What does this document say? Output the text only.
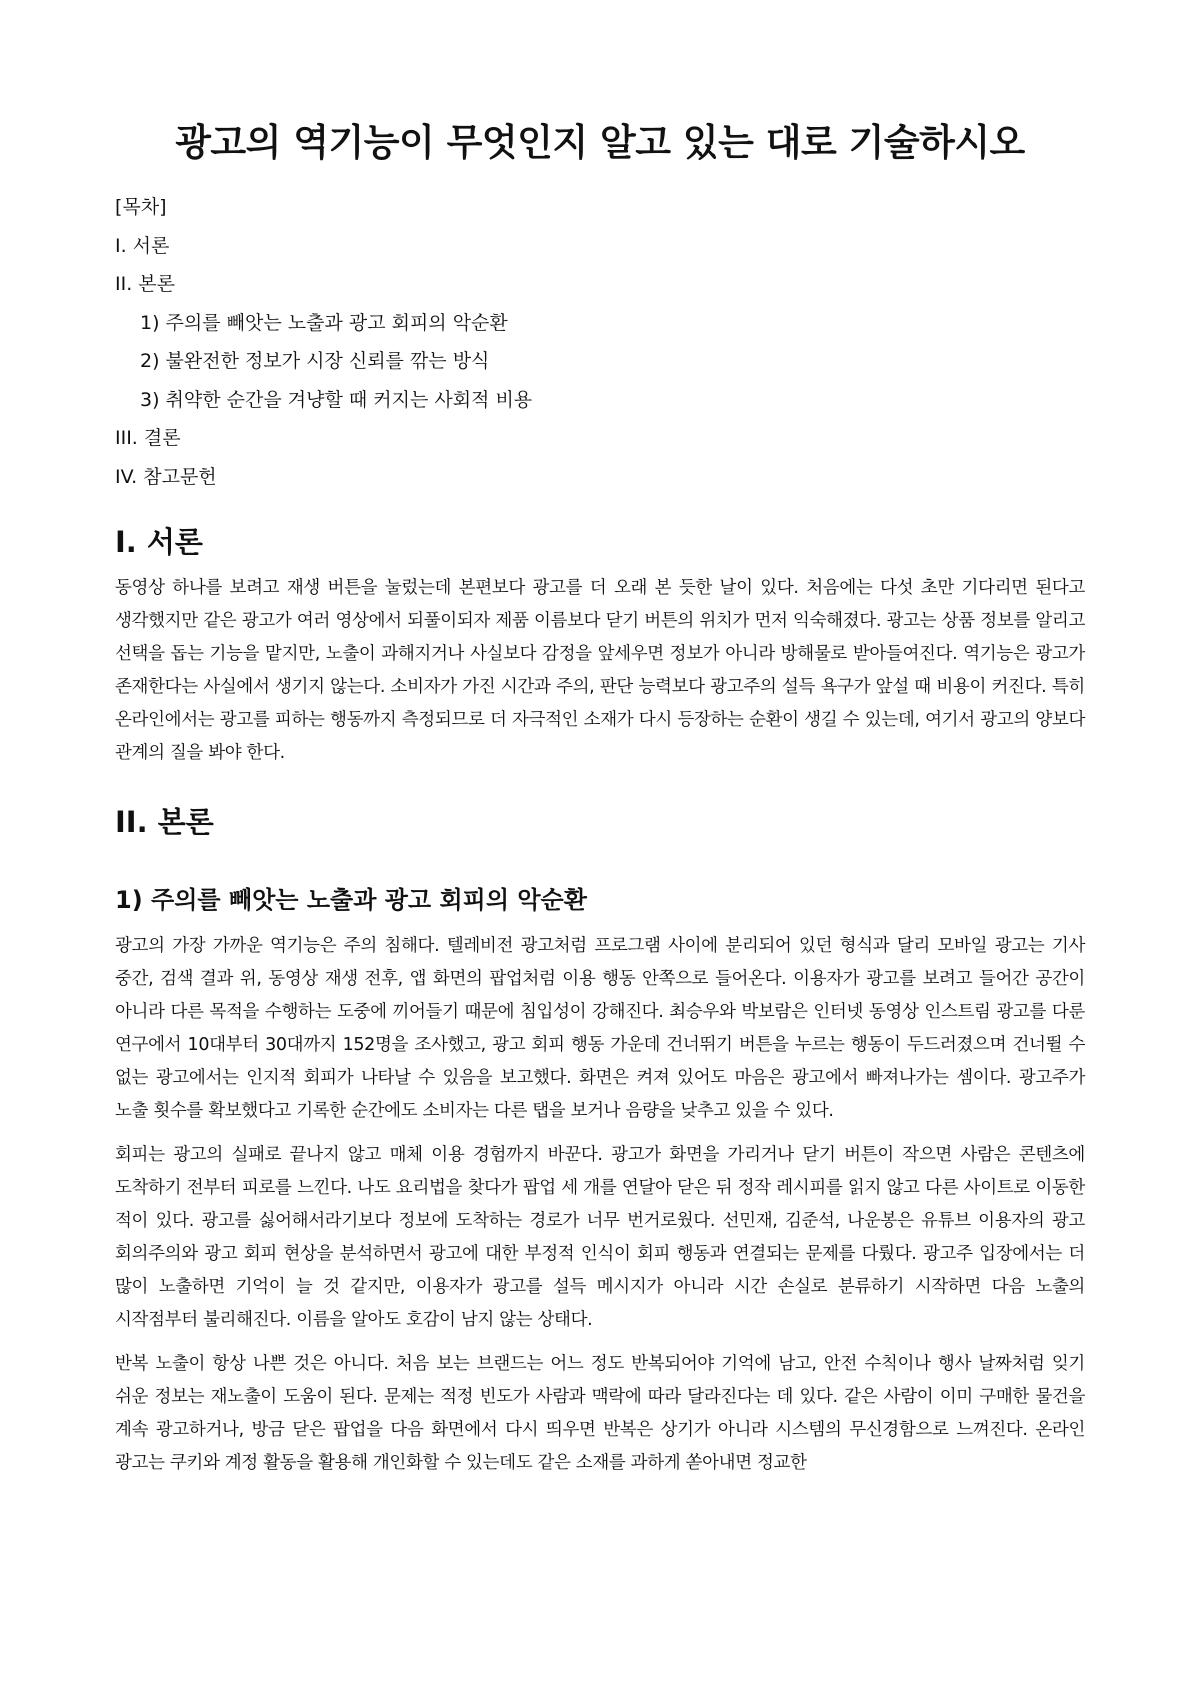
광고의 역기능이 무엇인지 알고 있는 대로 기술하시오
[목차]
I. 서론
II. 본론
1) 주의를 빼앗는 노출과 광고 회피의 악순환
2) 불완전한 정보가 시장 신뢰를 깎는 방식
3) 취약한 순간을 겨냥할 때 커지는 사회적 비용
III. 결론
IV. 참고문헌
I. 서론

동영상 하나를 보려고 재생 버튼을 눌렀는데 본편보다 광고를 더 오래 본 듯한 날이 있다. 처음에는 다섯 초만 기다리면 된다고 생각했지만 같은 광고가 여러 영상에서 되풀이되자 제품 이름보다 닫기 버튼의 위치가 먼저 익숙해졌다. 광고는 상품 정보를 알리고 선택을 돕는 기능을 맡지만, 노출이 과해지거나 사실보다 감정을 앞세우면 정보가 아니라 방해물로 받아들여진다. 역기능은 광고가 존재한다는 사실에서 생기지 않는다. 소비자가 가진 시간과 주의, 판단 능력보다 광고주의 설득 욕구가 앞설 때 비용이 커진다. 특히 온라인에서는 광고를 피하는 행동까지 측정되므로 더 자극적인 소재가 다시 등장하는 순환이 생길 수 있는데, 여기서 광고의 양보다 관계의 질을 봐야 한다.

II. 본론
1) 주의를 빼앗는 노출과 광고 회피의 악순환

광고의 가장 가까운 역기능은 주의 침해다. 텔레비전 광고처럼 프로그램 사이에 분리되어 있던 형식과 달리 모바일 광고는 기사 중간, 검색 결과 위, 동영상 재생 전후, 앱 화면의 팝업처럼 이용 행동 안쪽으로 들어온다. 이용자가 광고를 보려고 들어간 공간이 아니라 다른 목적을 수행하는 도중에 끼어들기 때문에 침입성이 강해진다. 최승우와 박보람은 인터넷 동영상 인스트림 광고를 다룬 연구에서 10대부터 30대까지 152명을 조사했고, 광고 회피 행동 가운데 건너뛰기 버튼을 누르는 행동이 두드러졌으며 건너뛸 수 없는 광고에서는 인지적 회피가 나타날 수 있음을 보고했다. 화면은 켜져 있어도 마음은 광고에서 빠져나가는 셈이다. 광고주가 노출 횟수를 확보했다고 기록한 순간에도 소비자는 다른 탭을 보거나 음량을 낮추고 있을 수 있다.

회피는 광고의 실패로 끝나지 않고 매체 이용 경험까지 바꾼다. 광고가 화면을 가리거나 닫기 버튼이 작으면 사람은 콘텐츠에 도착하기 전부터 피로를 느낀다. 나도 요리법을 찾다가 팝업 세 개를 연달아 닫은 뒤 정작 레시피를 읽지 않고 다른 사이트로 이동한 적이 있다. 광고를 싫어해서라기보다 정보에 도착하는 경로가 너무 번거로웠다. 선민재, 김준석, 나운봉은 유튜브 이용자의 광고 회의주의와 광고 회피 현상을 분석하면서 광고에 대한 부정적 인식이 회피 행동과 연결되는 문제를 다뤘다. 광고주 입장에서는 더 많이 노출하면 기억이 늘 것 같지만, 이용자가 광고를 설득 메시지가 아니라 시간 손실로 분류하기 시작하면 다음 노출의 시작점부터 불리해진다. 이름을 알아도 호감이 남지 않는 상태다.

반복 노출이 항상 나쁜 것은 아니다. 처음 보는 브랜드는 어느 정도 반복되어야 기억에 남고, 안전 수칙이나 행사 날짜처럼 잊기 쉬운 정보는 재노출이 도움이 된다. 문제는 적정 빈도가 사람과 맥락에 따라 달라진다는 데 있다. 같은 사람이 이미 구매한 물건을 계속 광고하거나, 방금 닫은 팝업을 다음 화면에서 다시 띄우면 반복은 상기가 아니라 시스템의 무신경함으로 느껴진다. 온라인 광고는 쿠키와 계정 활동을 활용해 개인화할 수 있는데도 같은 소재를 과하게 쏟아내면 정교한
